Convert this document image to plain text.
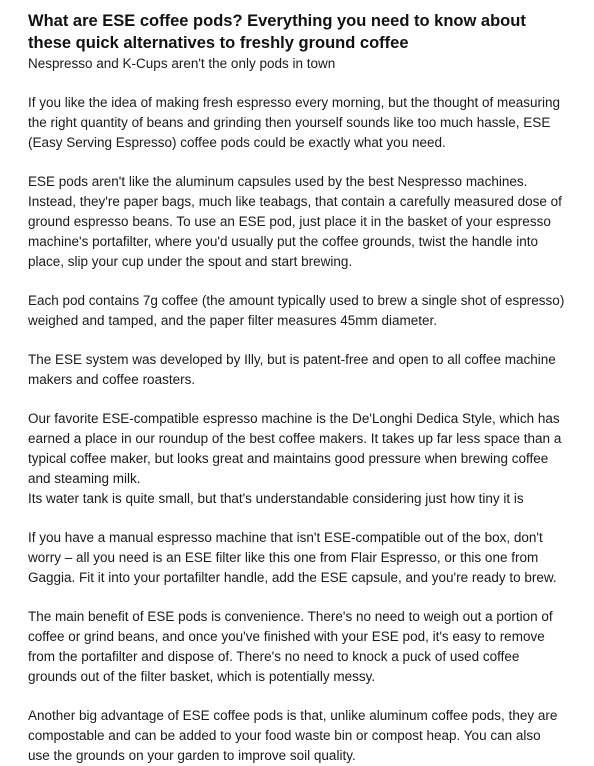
What are ESE coffee pods? Everything you need to know about these quick alternatives to freshly ground coffee

Nespresso and K-Cups aren't the only pods in town

If you like the idea of making fresh espresso every morning, but the thought of measuring the right quantity of beans and grinding then yourself sounds like too much hassle, ESE (Easy Serving Espresso) coffee pods could be exactly what you need.

ESE pods aren't like the aluminum capsules used by the best Nespresso machines. Instead, they're paper bags, much like teabags, that contain a carefully measured dose of ground espresso beans. To use an ESE pod, just place it in the basket of your espresso machine's portafilter, where you'd usually put the coffee grounds, twist the handle into place, slip your cup under the spout and start brewing.

Each pod contains 7g coffee (the amount typically used to brew a single shot of espresso) weighed and tamped, and the paper filter measures 45mm diameter.

The ESE system was developed by Illy, but is patent-free and open to all coffee machine makers and coffee roasters.

Our favorite ESE-compatible espresso machine is the De'Longhi Dedica Style, which has earned a place in our roundup of the best coffee makers. It takes up far less space than a typical coffee maker, but looks great and maintains good pressure when brewing coffee and steaming milk.

Its water tank is quite small, but that's understandable considering just how tiny it is

If you have a manual espresso machine that isn't ESE-compatible out of the box, don't worry – all you need is an ESE filter like this one from Flair Espresso, or this one from Gaggia. Fit it into your portafilter handle, add the ESE capsule, and you're ready to brew.

The main benefit of ESE pods is convenience. There's no need to weigh out a portion of coffee or grind beans, and once you've finished with your ESE pod, it's easy to remove from the portafilter and dispose of. There's no need to knock a puck of used coffee grounds out of the filter basket, which is potentially messy.

Another big advantage of ESE coffee pods is that, unlike aluminum coffee pods, they are compostable and can be added to your food waste bin or compost heap. You can also use the grounds on your garden to improve soil quality.
